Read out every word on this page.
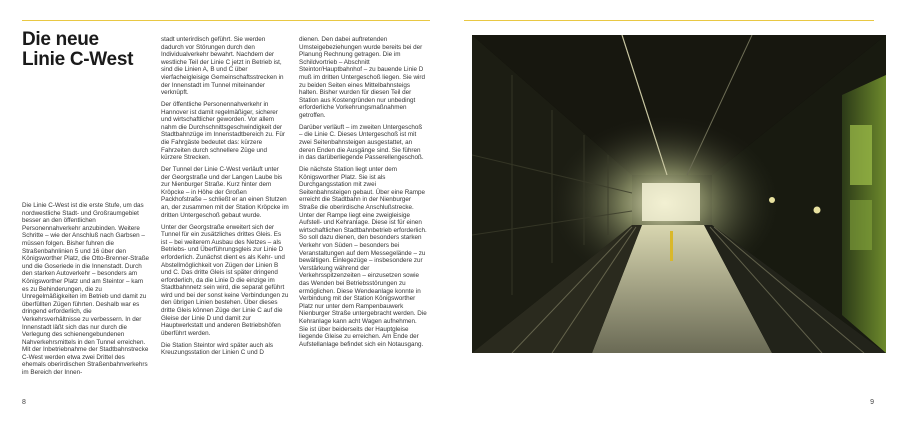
Die neue Linie C-West

Die Linie C-West ist die erste Stufe, um das nordwestliche Stadt- und Großraumgebiet besser an den öffentlichen Personennahverkehr anzubinden. Weitere Schritte – wie der Anschluß nach Garbsen – müssen folgen. Bisher fuhren die Straßenbahnlinien 5 und 16 über den Königsworther Platz, die Otto-Brenner-Straße und die Goseriede in die Innenstadt. Durch den starken Autoverkehr – besonders am Königsworther Platz und am Steintor – kam es zu Behinderungen, die zu Unregelmäßigkeiten im Betrieb und damit zu überfüllten Zügen führten. Deshalb war es dringend erforderlich, die Verkehrsverhältnisse zu verbessern. In der Innenstadt läßt sich das nur durch die Verlegung des schienengebundenen Nahverkehrsmittels in den Tunnel erreichen. Mit der Inbetriebnahme der Stadtbahnstrecke C-West werden etwa zwei Drittel des ehemals oberirdischen Straßenbahnverkehrs im Bereich der Innen-

stadt unterirdisch geführt. Sie werden dadurch vor Störungen durch den Individualverkehr bewahrt. Nachdem der westliche Teil der Linie C jetzt in Betrieb ist, sind die Linien A, B und C über vierfacheigleisige Gemeinschaftsstrecken in der Innenstadt im Tunnel miteinander verknüpft.

Der öffentliche Personennahverkehr in Hannover ist damit regelmäßiger, sicherer und wirtschaftlicher geworden. Vor allem nahm die Durchschnittsgeschwindigkeit der Stadtbahnzüge im Innenstadtbereich zu. Für die Fahrgäste bedeutet das: kürzere Fahrzeiten durch schnellere Züge und kürzere Strecken.

Der Tunnel der Linie C-West verläuft unter der Georgstraße und der Langen Laube bis zur Nienburger Straße. Kurz hinter dem Kröpcke – in Höhe der Großen Packhofstraße – schließt er an einen Stutzen an, der zusammen mit der Station Kröpcke im dritten Untergeschoß gebaut wurde.

Unter der Georgstraße erweitert sich der Tunnel für ein zusätzliches drittes Gleis. Es ist – bei weiterem Ausbau des Netzes – als Betriebs- und Überführungsgleis zur Linie D erforderlich. Zunächst dient es als Kehr- und Abstellmöglichkeit von Zügen der Linien B und C. Das dritte Gleis ist später dringend erforderlich, da die Linie D die einzige im Stadtbahnnetz sein wird, die separat geführt wird und bei der sonst keine Verbindungen zu den übrigen Linien bestehen. Über dieses dritte Gleis können Züge der Linie C auf die Gleise der Linie D und damit zur Hauptwerkstatt und anderen Betriebshöfen überführt werden.

Die Station Steintor wird später auch als Kreuzungsstation der Linien C und D

dienen. Den dabei auftretenden Umsteigebeziehungen wurde bereits bei der Planung Rechnung getragen. Die im Schildvortrieb – Abschnitt Steintor/Hauptbahnhof – zu bauende Linie D muß im dritten Untergeschoß liegen. Sie wird zu beiden Seiten eines Mittelbahnsteigs halten. Bisher wurden für diesen Teil der Station aus Kostengründen nur unbedingt erforderliche Vorkehrungsmaßnahmen getroffen.

Darüber verläuft – im zweiten Untergeschoß – die Linie C. Dieses Untergeschoß ist mit zwei Seitenbahnsteigen ausgestattet, an deren Enden die Ausgänge sind. Sie führen in das darüberliegende Passerellengeschoß.

Die nächste Station liegt unter dem Königsworther Platz. Sie ist als Durchgangsstation mit zwei Seitenbahnsteigen gebaut. Über eine Rampe erreicht die Stadtbahn in der Nienburger Straße die oberirdische Anschlußstrecke. Unter der Rampe liegt eine zweigleisige Aufstell- und Kehranlage. Diese ist für einen wirtschaftlichen Stadtbahnbetrieb erforderlich. So soll dazu dienen, den besonders starken Verkehr von Süden – besonders bei Veranstaltungen auf dem Messegelände – zu bewältigen. Einlegezüge – insbesondere zur Verstärkung während der Verkehrsspitzenzeiten – einzusetzen sowie das Wenden bei Betriebsstörungen zu ermöglichen. Diese Wendeanlage konnte in Verbindung mit der Station Königsworther Platz nur unter dem Rampenbauwerk Nienburger Straße untergebracht werden. Die Kehranlage kann acht Wagen aufnehmen. Sie ist über beiderseits der Hauptgleise liegende Gleise zu erreichen. Am Ende der Aufstellanlage befindet sich ein Notausgang.

8	9
